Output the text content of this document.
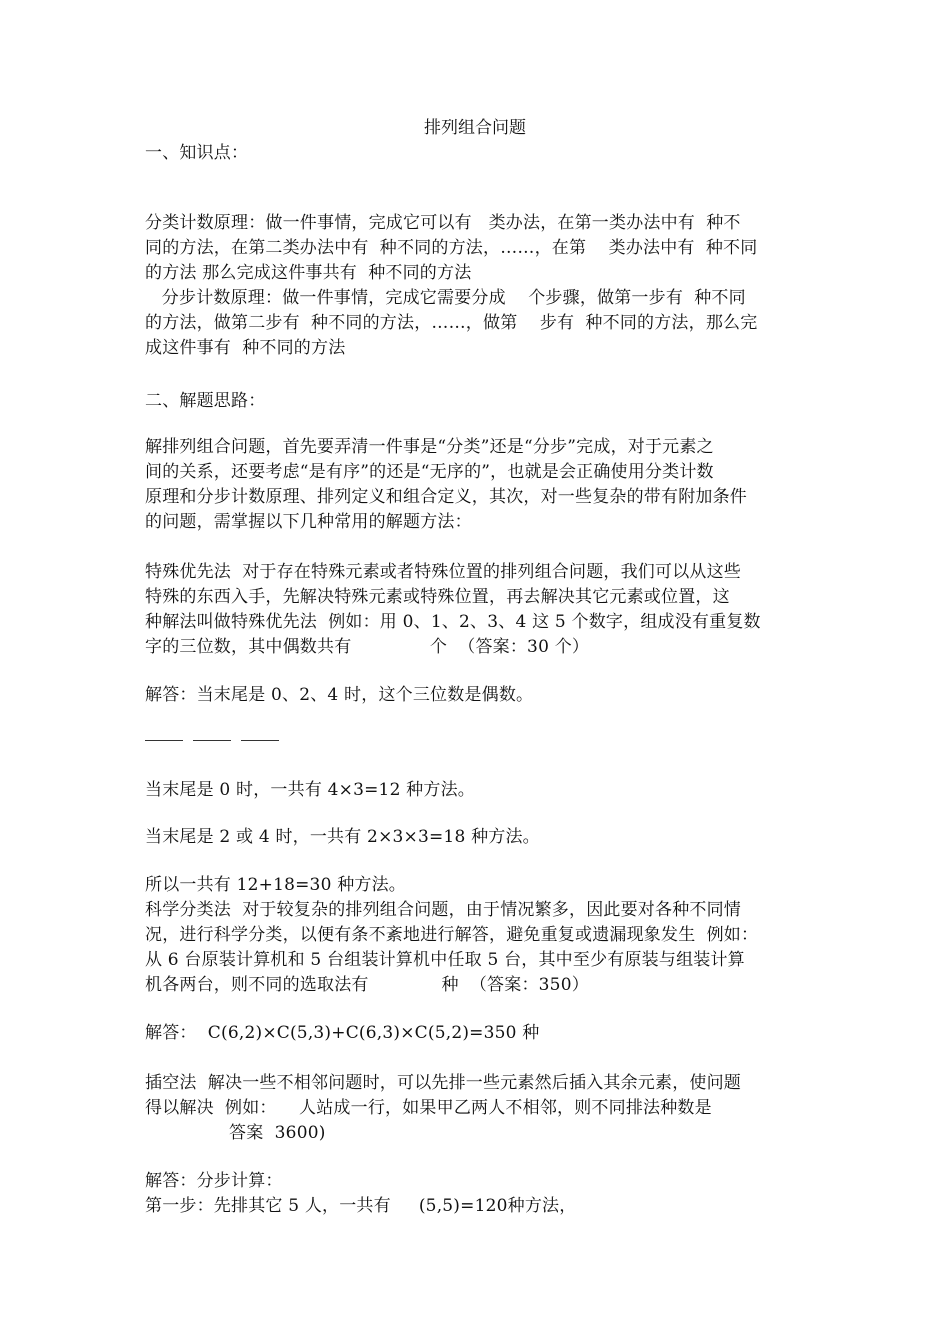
排列组合问题
一、知识点：
分类计数原理：做一件事情，完成它可以有   类办法，在第一类办法中有  种不
同的方法，在第二类办法中有  种不同的方法，……，在第    类办法中有  种不同
的方法 那么完成这件事共有  种不同的方法
分步计数原理：做一件事情，完成它需要分成    个步骤，做第一步有  种不同
的方法，做第二步有  种不同的方法，……，做第    步有  种不同的方法，那么完
成这件事有  种不同的方法
二、解题思路：
解排列组合问题，首先要弄清一件事是“分类”还是“分步”完成，对于元素之
间的关系，还要考虑“是有序”的还是“无序的”，也就是会正确使用分类计数
原理和分步计数原理、排列定义和组合定义，其次，对一些复杂的带有附加条件
的问题，需掌握以下几种常用的解题方法：
特殊优先法  对于存在特殊元素或者特殊位置的排列组合问题，我们可以从这些
特殊的东西入手，先解决特殊元素或特殊位置，再去解决其它元素或位置，这
种解法叫做特殊优先法  例如：用 0、1、2、3、4 这 5 个数字，组成没有重复数
字的三位数，其中偶数共有              个  （答案：30 个）
解答：当末尾是 0、2、4 时，这个三位数是偶数。
当末尾是 0 时，一共有 4×3=12 种方法。
当末尾是 2 或 4 时，一共有 2×3×3=18 种方法。
所以一共有 12+18=30 种方法。
科学分类法  对于较复杂的排列组合问题，由于情况繁多，因此要对各种不同情
况，进行科学分类，以便有条不紊地进行解答，避免重复或遗漏现象发生  例如：
从 6 台原装计算机和 5 台组装计算机中任取 5 台，其中至少有原装与组装计算
机各两台，则不同的选取法有             种  （答案：350）
解答：  C(6,2)×C(5,3)+C(6,3)×C(5,2)=350 种
插空法  解决一些不相邻问题时，可以先排一些元素然后插入其余元素，使问题
得以解决  例如：    人站成一行，如果甲乙两人不相邻，则不同排法种数是
答案  3600)
解答：分步计算：
第一步：先排其它 5 人，一共有     (5,5)=120种方法，
